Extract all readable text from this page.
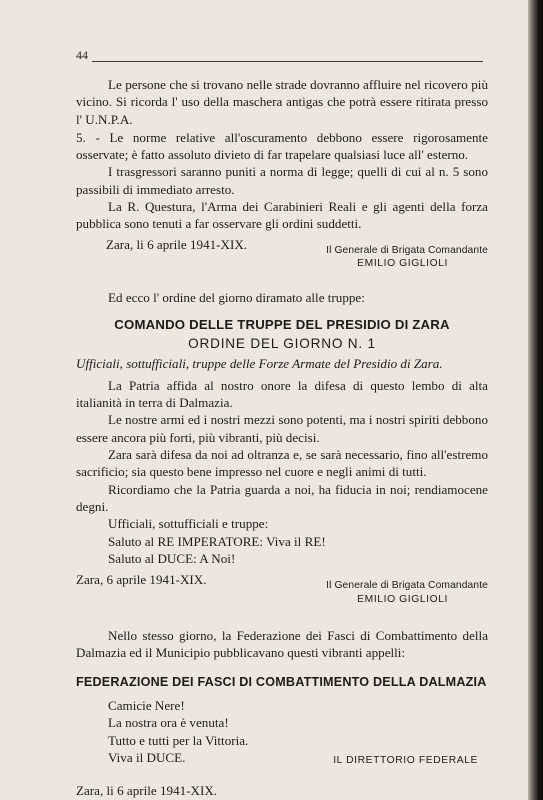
44

Le persone che si trovano nelle strade dovranno affluire nel ricovero più vicino. Si ricorda l' uso della maschera antigas che potrà essere ritirata presso l' U.N.P.A.

5. - Le norme relative all'oscuramento debbono essere rigorosamente osservate; è fatto assoluto divieto di far trapelare qualsiasi luce all' esterno.

I trasgressori saranno puniti a norma di legge; quelli di cui al n. 5 sono passibili di immediato arresto.

La R. Questura, l'Arma dei Carabinieri Reali e gli agenti della forza pubblica sono tenuti a far osservare gli ordini suddetti.

Zara, li 6 aprile 1941-XIX.	Il Generale di Brigata Comandante
EMILIO GIGLIOLI

Ed ecco l' ordine del giorno diramato alle truppe:

COMANDO DELLE TRUPPE DEL PRESIDIO DI ZARA
ORDINE DEL GIORNO N. 1

Ufficiali, sottufficiali, truppe delle Forze Armate del Presidio di Zara.

La Patria affida al nostro onore la difesa di questo lembo di alta italianità in terra di Dalmazia.

Le nostre armi ed i nostri mezzi sono potenti, ma i nostri spiriti debbono essere ancora più forti, più vibranti, più decisi.

Zara sarà difesa da noi ad oltranza e, se sarà necessario, fino all'estremo sacrificio; sia questo bene impresso nel cuore e negli animi di tutti.

Ricordiamo che la Patria guarda a noi, ha fiducia in noi; rendiamocene degni.

Ufficiali, sottufficiali e truppe:
Saluto al RE IMPERATORE: Viva il RE!
Saluto al DUCE: A Noi!
Zara, 6 aprile 1941-XIX.	Il Generale di Brigata Comandante
EMILIO GIGLIOLI

Nello stesso giorno, la Federazione dei Fasci di Combattimento della Dalmazia ed il Municipio pubblicavano questi vibranti appelli:

FEDERAZIONE DEI FASCI DI COMBATTIMENTO DELLA DALMAZIA
Camicie Nere!
La nostra ora è venuta!
Tutto e tutti per la Vittoria.
Viva il DUCE.	IL DIRETTORIO FEDERALE
Zara, li 6 aprile 1941-XIX.
